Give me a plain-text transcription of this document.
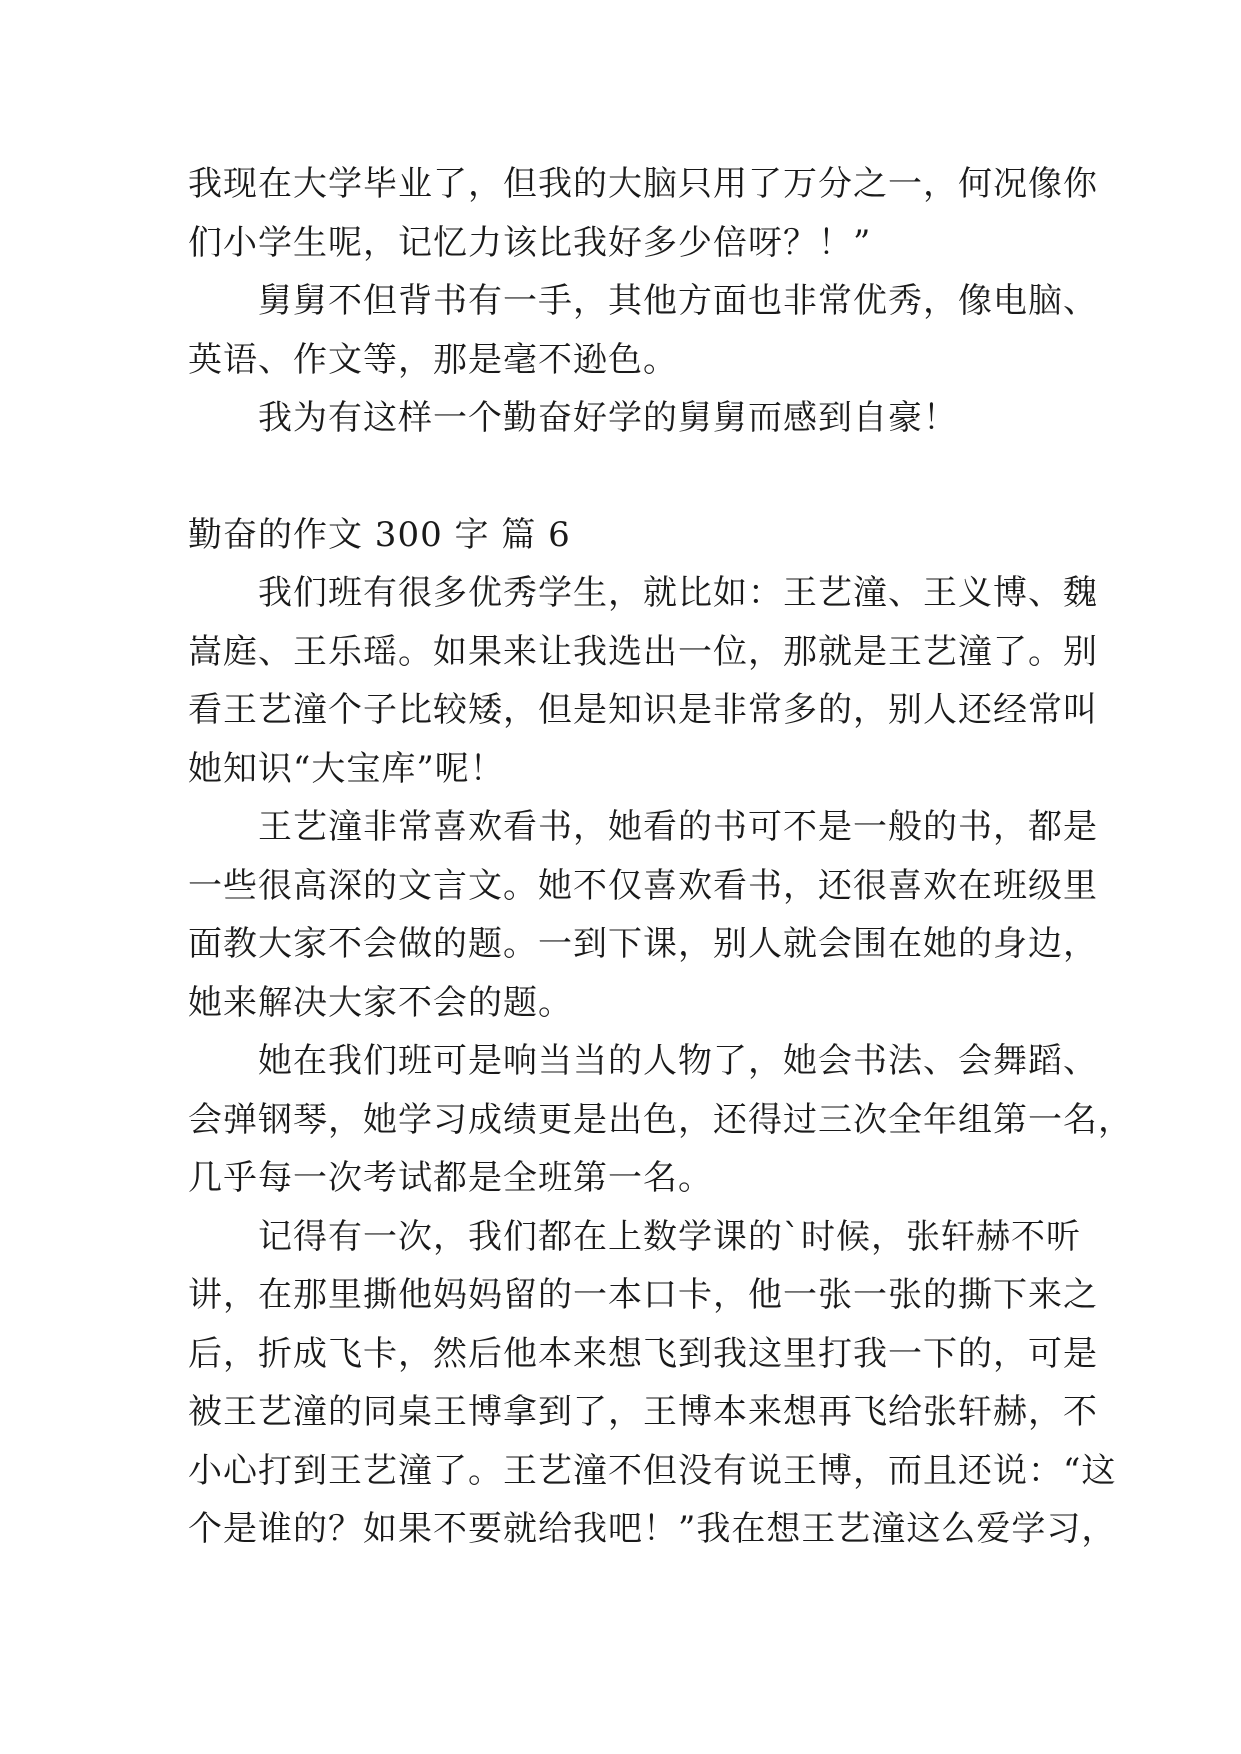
我现在大学毕业了，但我的大脑只用了万分之一，何况像你

们小学生呢，记忆力该比我好多少倍呀？！”

舅舅不但背书有一手，其他方面也非常优秀，像电脑、

英语、作文等，那是毫不逊色。

我为有这样一个勤奋好学的舅舅而感到自豪！

勤奋的作文 300 字 篇 6

我们班有很多优秀学生，就比如：王艺潼、王义博、魏

嵩庭、王乐瑶。如果来让我选出一位，那就是王艺潼了。别

看王艺潼个子比较矮，但是知识是非常多的，别人还经常叫

她知识“大宝库”呢！

王艺潼非常喜欢看书，她看的书可不是一般的书，都是

一些很高深的文言文。她不仅喜欢看书，还很喜欢在班级里

面教大家不会做的题。一到下课，别人就会围在她的身边，

她来解决大家不会的题。

她在我们班可是响当当的人物了，她会书法、会舞蹈、

会弹钢琴，她学习成绩更是出色，还得过三次全年组第一名，

几乎每一次考试都是全班第一名。

记得有一次，我们都在上数学课的`时候，张轩赫不听

讲，在那里撕他妈妈留的一本口卡，他一张一张的撕下来之

后，折成飞卡，然后他本来想飞到我这里打我一下的，可是

被王艺潼的同桌王博拿到了，王博本来想再飞给张轩赫，不

小心打到王艺潼了。王艺潼不但没有说王博，而且还说：“这

个是谁的？如果不要就给我吧！”我在想王艺潼这么爱学习，
